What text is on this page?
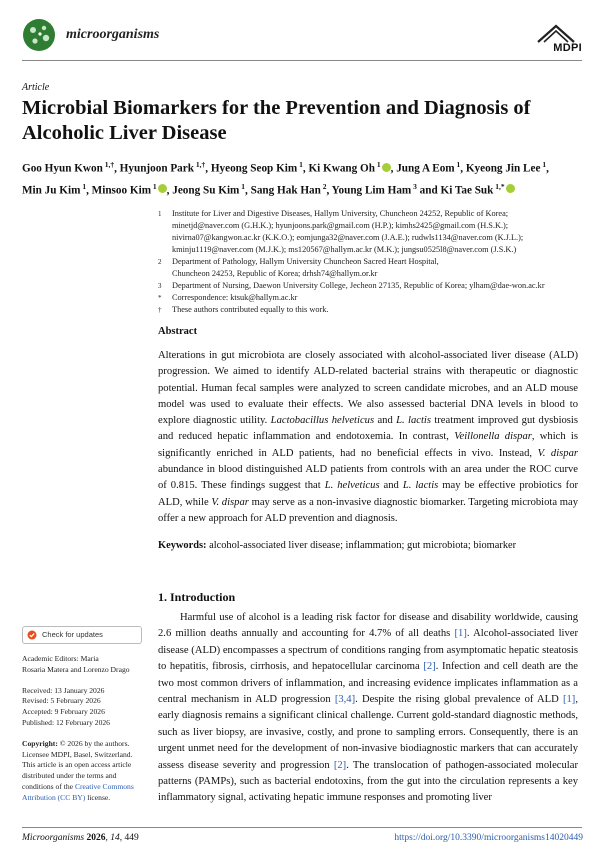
microorganisms
MDPI
Article
Microbial Biomarkers for the Prevention and Diagnosis of Alcoholic Liver Disease
Goo Hyun Kwon $^{1,\dagger}$, Hyunjoon Park $^{1,\dagger}$, Hyeong Seop Kim $^1$, Ki Kwang Oh $^1$ , Jung A Eom $^1$, Kyeong Jin Lee $^1$,
Min Ju Kim $^1$, Minsoo Kim $^1$ , Jeong Su Kim $^1$, Sang Hak Han $^2$, Young Lim Ham $^3$ and Ki Tae Suk $^{1,*}$
1 Institute for Liver and Digestive Diseases, Hallym University, Chuncheon 24252, Republic of Korea;
minetjd@naver.com (G.H.K.); hyunjoons.park@gmail.com (H.P.); kimhs2425@gmail.com (H.S.K.);
nivirna07@kangwon.ac.kr (K.K.O.); eomjunga32@naver.com (J.A.E.); rudwls1134@naver.com (K.J.L.);
kminju1119@naver.com (M.J.K.); ms120567@hallym.ac.kr (M.K.); jungsu0525l8@naver.com (J.S.K.)
2 Department of Pathology, Hallym University Chuncheon Sacred Heart Hospital,
Chuncheon 24253, Republic of Korea; drhsh74@hallym.or.kr
3 Department of Nursing, Daewon University College, Jecheon 27135, Republic of Korea; ylham@dae-won.ac.kr
* Correspondence: ktsuk@hallym.ac.kr
† These authors contributed equally to this work.
Abstract

Alterations in gut microbiota are closely associated with alcohol-associated liver disease (ALD) progression. We aimed to identify ALD-related bacterial strains with therapeutic or diagnostic potential. Human fecal samples were analyzed to screen candidate microbes, and an ALD mouse model was used to evaluate their effects. We also assessed bacterial DNA levels in blood to explore diagnostic utility. Lactobacillus helveticus and L. lactis treatment improved gut dysbiosis and reduced hepatic inflammation and endotoxemia. In contrast, Veillonella dispar, which is significantly enriched in ALD patients, had no beneficial effects in vivo. Instead, V. dispar abundance in blood distinguished ALD patients from controls with an area under the ROC curve of 0.815. These findings suggest that L. helveticus and L. lactis may be effective probiotics for ALD, while V. dispar may serve as a non-invasive diagnostic biomarker. Targeting microbiota may offer a new approach for ALD prevention and diagnosis.

Keywords: alcohol-associated liver disease; inflammation; gut microbiota; biomarker
1. Introduction

Harmful use of alcohol is a leading risk factor for disease and disability worldwide, causing 2.6 million deaths annually and accounting for 4.7% of all deaths [1]. Alcohol-associated liver disease (ALD) encompasses a spectrum of conditions ranging from asymptomatic hepatic steatosis to hepatitis, fibrosis, cirrhosis, and hepatocellular carcinoma [2]. Infection and cell death are the two most common drivers of inflammation, and increasing evidence implicates inflammation as a central mechanism in ALD progression [3,4]. Despite the rising global prevalence of ALD [1], early diagnosis remains a significant clinical challenge. Current gold-standard diagnostic methods, such as liver biopsy, are invasive, costly, and prone to sampling errors. Consequently, there is an urgent unmet need for the development of non-invasive biodiagnostic markers that can accurately assess disease severity and progression [2]. The translocation of pathogen-associated molecular patterns (PAMPs), such as bacterial endotoxins, from the gut into the circulation represents a key inflammatory signal, activating hepatic immune responses and promoting liver

Check for updates
Academic Editors: Maria
Rosaria Matera and Lorenzo Drago
Received: 13 January 2026
Revised: 5 February 2026
Accepted: 9 February 2026
Published: 12 February 2026
Copyright: © 2026 by the authors. Licensee MDPI, Basel, Switzerland. This article is an open access article distributed under the terms and conditions of the Creative Commons Attribution (CC BY) license.
Microorganisms 2026, 14, 449	https://doi.org/10.3390/microorganisms14020449
